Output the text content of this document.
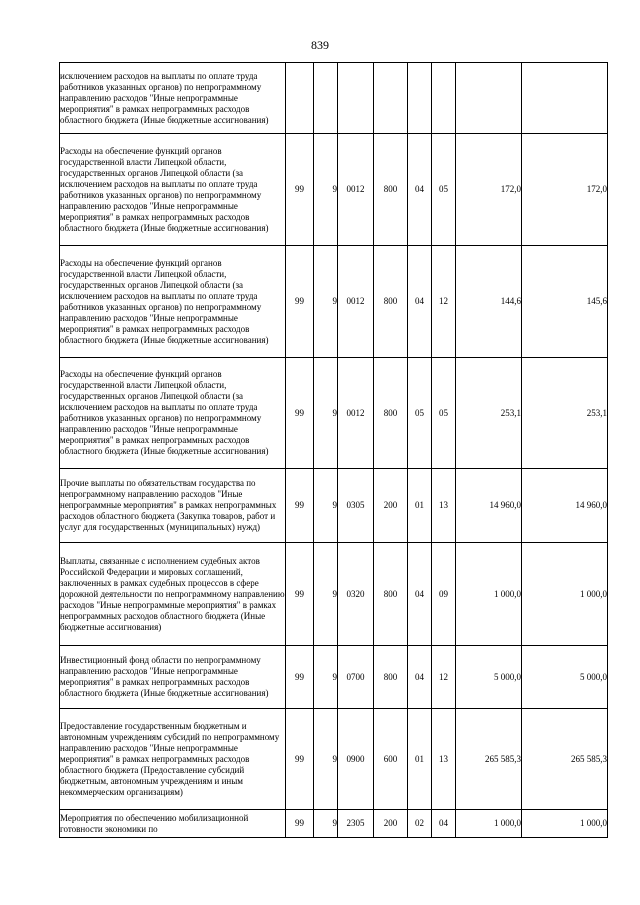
839
исключением расходов на выплаты по оплате труда работников указанных органов) по непрограммному направлению расходов "Иные непрограммные мероприятия" в рамках непрограммных расходов областного бюджета (Иные бюджетные ассигнования)								
Расходы на обеспечение функций органов государственной власти Липецкой области, государственных органов Липецкой области (за исключением расходов на выплаты по оплате труда работников указанных органов) по непрограммному направлению расходов "Иные непрограммные мероприятия" в рамках непрограммных расходов областного бюджета (Иные бюджетные ассигнования)	99	9	0012	800	04	05	172,0	172,0
Расходы на обеспечение функций органов государственной власти Липецкой области, государственных органов Липецкой области (за исключением расходов на выплаты по оплате труда работников указанных органов) по непрограммному направлению расходов "Иные непрограммные мероприятия" в рамках непрограммных расходов областного бюджета (Иные бюджетные ассигнования)	99	9	0012	800	04	12	144,6	145,6
Расходы на обеспечение функций органов государственной власти Липецкой области, государственных органов Липецкой области (за исключением расходов на выплаты по оплате труда работников указанных органов) по непрограммному направлению расходов "Иные непрограммные мероприятия" в рамках непрограммных расходов областного бюджета (Иные бюджетные ассигнования)	99	9	0012	800	05	05	253,1	253,1
Прочие выплаты по обязательствам государства по непрограммному направлению расходов "Иные непрограммные мероприятия" в рамках непрограммных расходов областного бюджета (Закупка товаров, работ и услуг для государственных (муниципальных) нужд)	99	9	0305	200	01	13	14 960,0	14 960,0
Выплаты, связанные с исполнением судебных актов Российской Федерации и мировых соглашений, заключенных в рамках судебных процессов в сфере дорожной деятельности по непрограммному направлению расходов "Иные непрограммные мероприятия" в рамках непрограммных расходов областного бюджета (Иные бюджетные ассигнования)	99	9	0320	800	04	09	1 000,0	1 000,0
Инвестиционный фонд области по непрограммному направлению расходов "Иные непрограммные мероприятия" в рамках непрограммных расходов областного бюджета (Иные бюджетные ассигнования)	99	9	0700	800	04	12	5 000,0	5 000,0
Предоставление государственным бюджетным и автономным учреждениям субсидий по непрограммному направлению расходов "Иные непрограммные мероприятия" в рамках непрограммных расходов областного бюджета (Предоставление субсидий бюджетным, автономным учреждениям и иным некоммерческим организациям)	99	9	0900	600	01	13	265 585,3	265 585,3
Мероприятия по обеспечению мобилизационной готовности экономики по	99	9	2305	200	02	04	1 000,0	1 000,0
